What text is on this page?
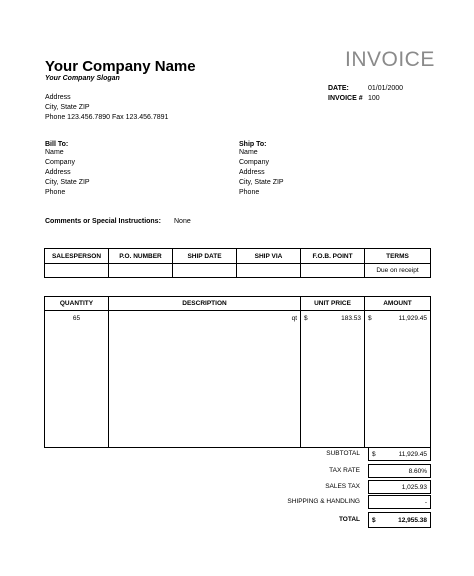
Your Company Name
Your Company Slogan
Address
City, State ZIP
Phone 123.456.7890 Fax 123.456.7891
INVOICE
DATE:	01/01/2000
INVOICE # 100
Bill To:
Name
Company
Address
City, State ZIP
Phone
Ship To:
Name
Company
Address
City, State ZIP
Phone
Comments or Special Instructions: None
SALESPERSON	P.O. NUMBER	SHIP DATE	SHIP VIA	F.O.B. POINT	TERMS
					Due on receipt
QUANTITY	DESCRIPTION	UNIT PRICE	AMOUNT
65	qt	$ 183.53	$ 11,929.45
SUBTOTAL $	11,929.45
TAX RATE	8.60%
SALES TAX	1,025.93
SHIPPING & HANDLING	-
TOTAL $	12,955.38
